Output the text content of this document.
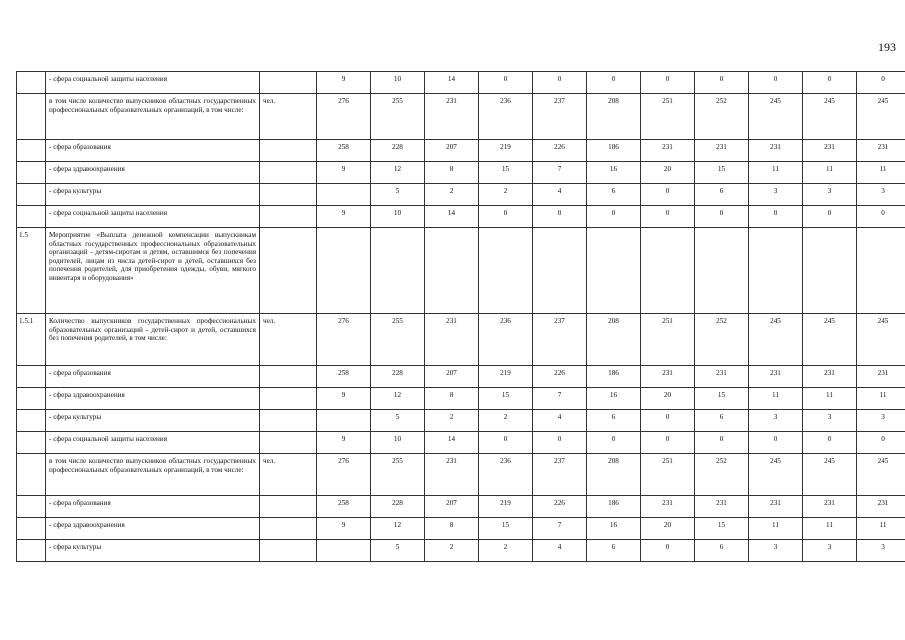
193
	- сфера социальной защиты населения		9	10	14	0	0	0	0	0	0	0	0
	в том числе количество выпускников областных государственных профессиональных образовательных организаций, в том числе:	чел.	276	255	231	236	237	208	251	252	245	245	245
	- сфера образования		258	228	207	219	226	186	231	231	231	231	231
	- сфера здравоохранения		9	12	8	15	7	16	20	15	11	11	11
	- сфера культуры			5	2	2	4	6	0	6	3	3	3
	- сфера социальной защиты населения		9	10	14	0	0	0	0	0	0	0	0
1.5	Мероприятие «Выплата денежной компенсации выпускникам областных государственных профессиональных образовательных организаций - детям-сиротам и детям, оставшимся без попечения родителей, лицам из числа детей-сирот и детей, оставшихся без попечения родителей, для приобретения одежды, обуви, мягкого инвентаря и оборудования»												
1.5.1	Количество выпускников государственных профессиональных образовательных организаций - детей-сирот и детей, оставшихся без попечения родителей, в том числе:	чел.	276	255	231	236	237	208	251	252	245	245	245
	- сфера образования		258	228	207	219	226	186	231	231	231	231	231
	- сфера здравоохранения		9	12	8	15	7	16	20	15	11	11	11
	- сфера культуры			5	2	2	4	6	0	6	3	3	3
	- сфера социальной защиты населения		9	10	14	0	0	0	0	0	0	0	0
	в том числе количество выпускников областных государственных профессиональных образовательных организаций, в том числе:	чел.	276	255	231	236	237	208	251	252	245	245	245
	- сфера образования		258	228	207	219	226	186	231	231	231	231	231
	- сфера здравоохранения		9	12	8	15	7	16	20	15	11	11	11
	- сфера культуры			5	2	2	4	6	0	6	3	3	3
